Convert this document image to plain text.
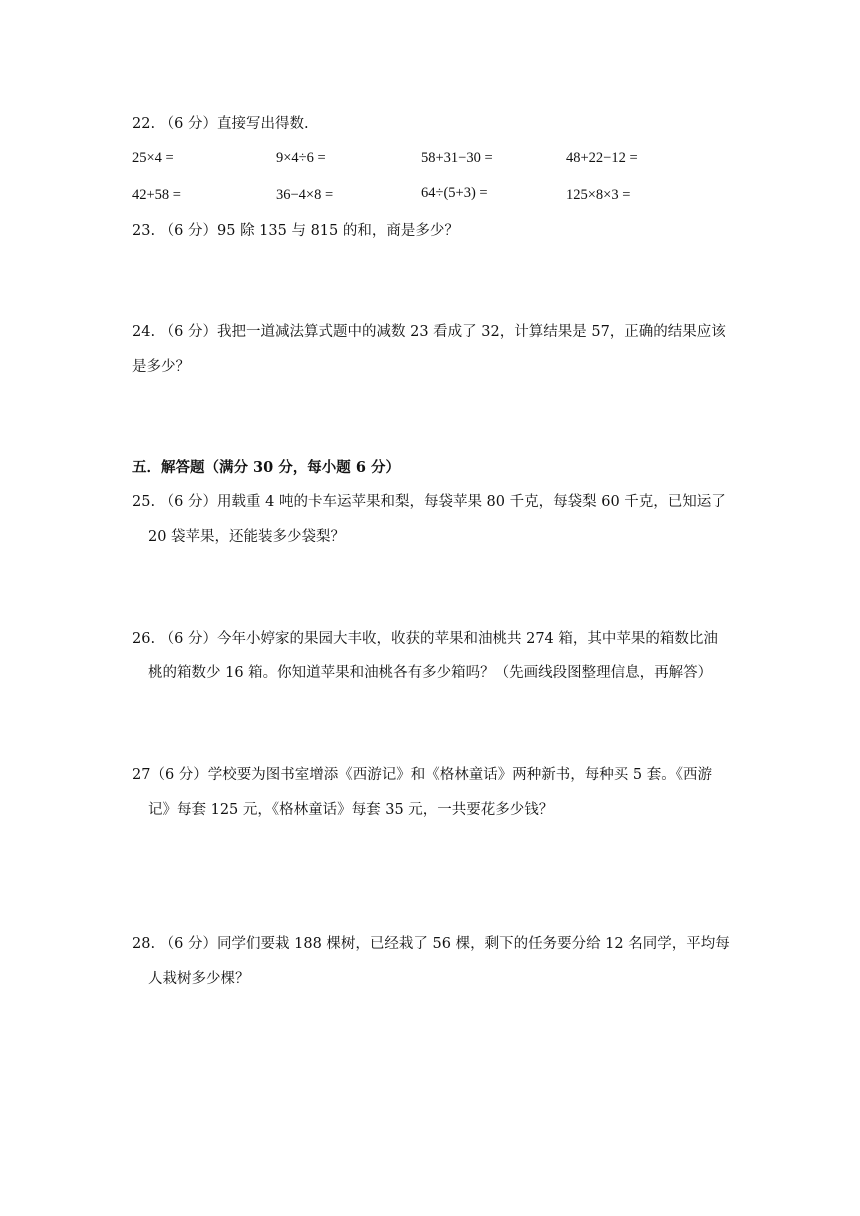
22. （6 分）直接写出得数.
25×4 =	9×4÷6 =	58+31−30 =	48+22−12 =
42+58 =	36−4×8 =	64÷(5+3) =	125×8×3 =
23. （6 分）95 除 135 与 815 的和，商是多少？
24. （6 分）我把一道减法算式题中的减数 23 看成了 32，计算结果是 57，正确的结果应该
是多少？
五．解答题（满分 30 分，每小题 6 分）
25. （6 分）用载重 4 吨的卡车运苹果和梨，每袋苹果 80 千克，每袋梨 60 千克，已知运了
20 袋苹果，还能装多少袋梨？
26. （6 分）今年小婷家的果园大丰收，收获的苹果和油桃共 274 箱，其中苹果的箱数比油
桃的箱数少 16 箱。你知道苹果和油桃各有多少箱吗？（先画线段图整理信息，再解答）
27（6 分）学校要为图书室增添《西游记》和《格林童话》两种新书，每种买 5 套。《西游
记》每套 125 元，《格林童话》每套 35 元，一共要花多少钱？
28. （6 分）同学们要栽 188 棵树，已经栽了 56 棵，剩下的任务要分给 12 名同学，平均每
人栽树多少棵？
